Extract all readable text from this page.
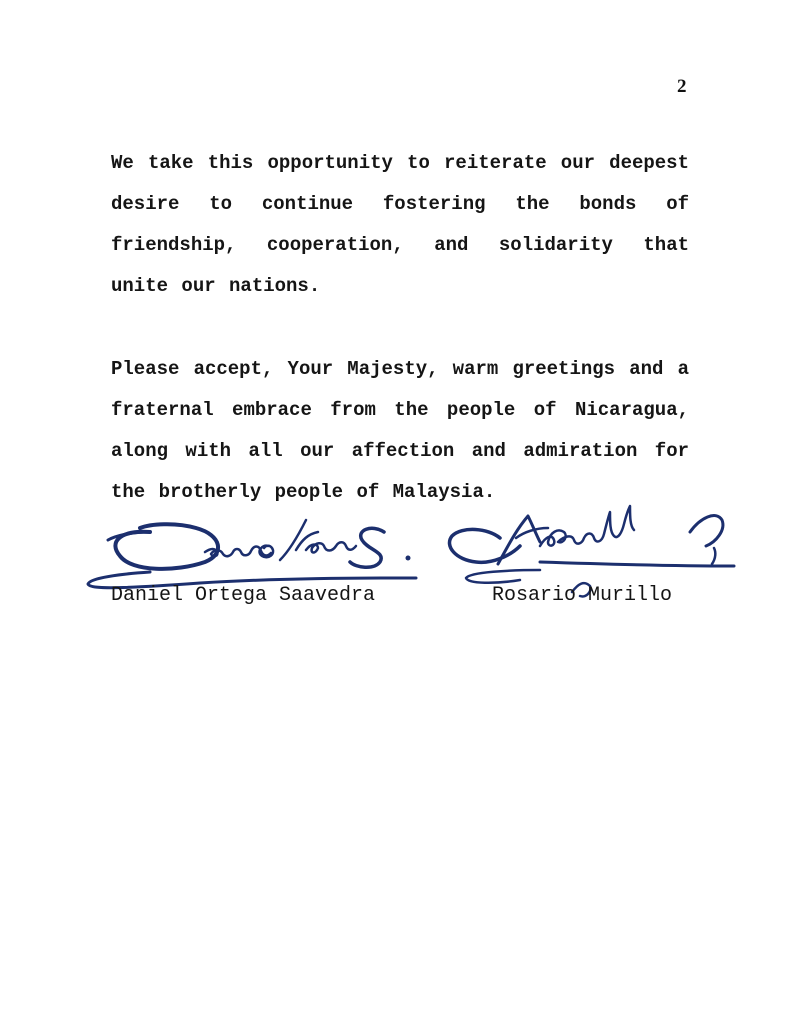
2

We take this opportunity to reiterate our deepest desire to continue fostering the bonds of friendship, cooperation, and solidarity that unite our nations.

Please accept, Your Majesty, warm greetings and a fraternal embrace from the people of Nicaragua, along with all our affection and admiration for the brotherly people of Malaysia.

Daniel Ortega Saavedra	Rosario Murillo
